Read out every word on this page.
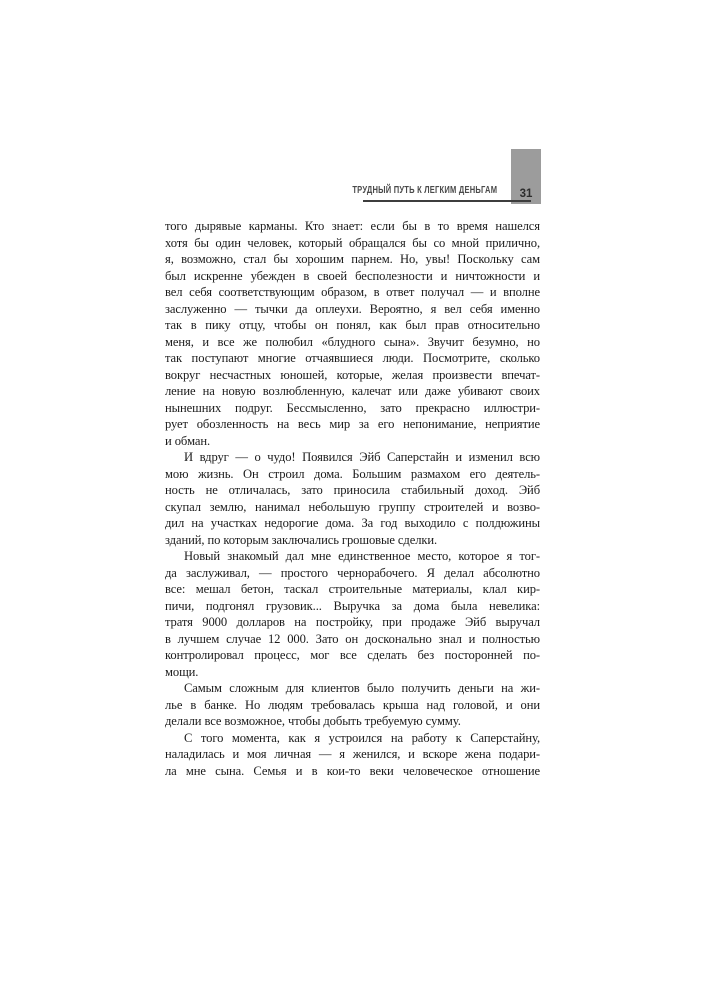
ТРУДНЫЙ ПУТЬ К ЛЕГКИМ ДЕНЬГАМ	31
того дырявые карманы. Кто знает: если бы в то время нашелся
хотя бы один человек, который обращался бы со мной прилично,
я, возможно, стал бы хорошим парнем. Но, увы! Поскольку сам
был искренне убежден в своей бесполезности и ничтожности и
вел себя соответствующим образом, в ответ получал — и вполне
заслуженно — тычки да оплеухи. Вероятно, я вел себя именно
так в пику отцу, чтобы он понял, как был прав относительно
меня, и все же полюбил «блудного сына». Звучит безумно, но
так поступают многие отчаявшиеся люди. Посмотрите, сколько
вокруг несчастных юношей, которые, желая произвести впечат-
ление на новую возлюбленную, калечат или даже убивают своих
нынешних подруг. Бессмысленно, зато прекрасно иллюстри-
рует обозленность на весь мир за его непонимание, неприятие
и обман.
И вдруг — о чудо! Появился Эйб Саперстайн и изменил всю
мою жизнь. Он строил дома. Большим размахом его деятель-
ность не отличалась, зато приносила стабильный доход. Эйб
скупал землю, нанимал небольшую группу строителей и возво-
дил на участках недорогие дома. За год выходило с полдюжины
зданий, по которым заключались грошовые сделки.
Новый знакомый дал мне единственное место, которое я тог-
да заслуживал, — простого чернорабочего. Я делал абсолютно
все: мешал бетон, таскал строительные материалы, клал кир-
пичи, подгонял грузовик... Выручка за дома была невелика:
тратя 9000 долларов на постройку, при продаже Эйб выручал
в лучшем случае 12 000. Зато он досконально знал и полностью
контролировал процесс, мог все сделать без посторонней по-
мощи.
Самым сложным для клиентов было получить деньги на жи-
лье в банке. Но людям требовалась крыша над головой, и они
делали все возможное, чтобы добыть требуемую сумму.
С того момента, как я устроился на работу к Саперстайну,
наладилась и моя личная — я женился, и вскоре жена подари-
ла мне сына. Семья и в кои-то веки человеческое отношение
